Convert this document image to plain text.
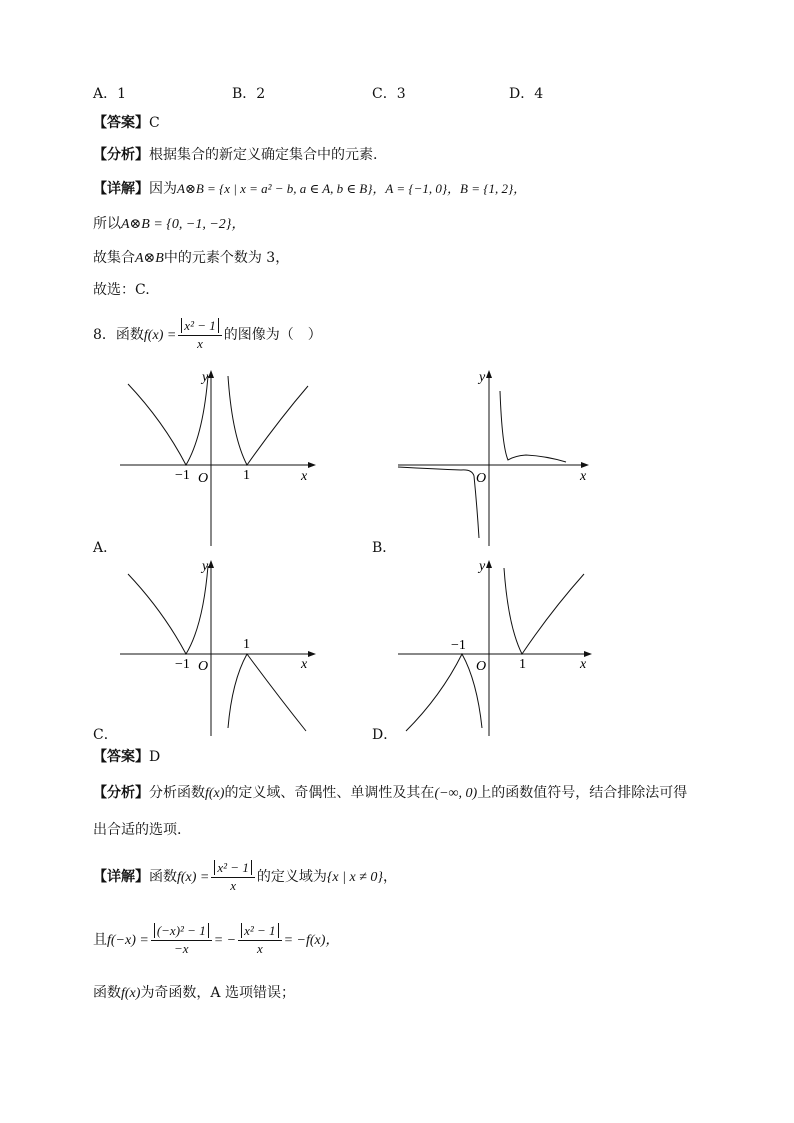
A．1	B．2	C．3	D．4
【答案】C
【分析】根据集合的新定义确定集合中的元素.
【详解】因为A⊗B = {x | x = a² − b, a ∈ A, b ∈ B}，A = {−1, 0}，B = {1, 2}，
所以A⊗B = {0, −1, −2}，
故集合A⊗B中的元素个数为 3，
故选：C.
8．函数$f(x) = \frac{\text{x² − 1}}{x}$ 的图像为（　）
y
x
O
−1	1
A．
y
x
O
B．
y
x
O
−1
1
C．
y
x
O
−1
1
D．
【答案】D
【分析】分析函数f(x)的定义域、奇偶性、单调性及其在(−∞, 0)上的函数值符号，结合排除法可得
出合适的选项.
【详解】函数$f(x) = \frac{\text{x² − 1}}{x}$ 的定义域为{x | x ≠ 0}，
且$f(-x) = \frac{\text{(−x)² − 1}}{-x}$ = − $\frac{\text{x² − 1}}{x} = -f(x)$，
函数f(x)为奇函数，A 选项错误；
